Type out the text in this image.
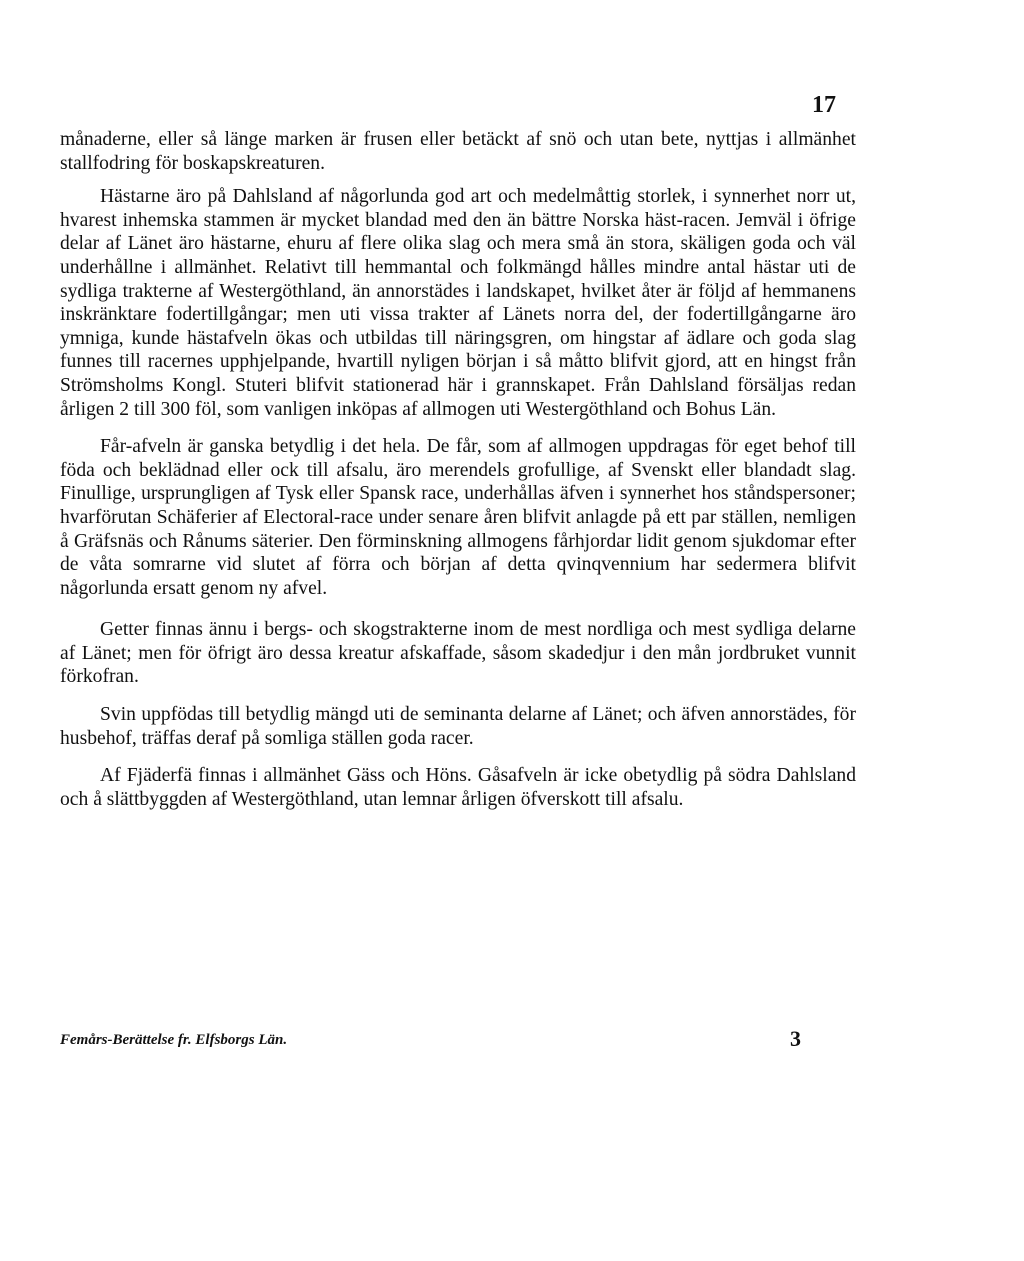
17

månaderne, eller så länge marken är frusen eller betäckt af snö och utan bete, nyttjas i allmänhet stallfodring för boskapskreaturen.

Hästarne äro på Dahlsland af någorlunda god art och medelmåttig storlek, i synnerhet norr ut, hvarest inhemska stammen är mycket blandad med den än bättre Norska häst-racen. Jemväl i öfrige delar af Länet äro hästarne, ehuru af flere olika slag och mera små än stora, skäligen goda och väl underhållne i allmänhet. Relativt till hemmantal och folkmängd hålles mindre antal hästar uti de sydliga trakterne af Westergöthland, än annorstädes i landskapet, hvilket åter är följd af hemmanens inskränktare fodertillgångar; men uti vissa trakter af Länets norra del, der fodertillgångarne äro ymniga, kunde hästafveln ökas och utbildas till näringsgren, om hingstar af ädlare och goda slag funnes till racernes upphjelpande, hvartill nyligen början i så måtto blifvit gjord, att en hingst från Strömsholms Kongl. Stuteri blifvit stationerad här i grannskapet. Från Dahlsland försäljas redan årligen 2 till 300 föl, som vanligen inköpas af allmogen uti Westergöthland och Bohus Län.

Får-afveln är ganska betydlig i det hela. De får, som af allmogen uppdragas för eget behof till föda och beklädnad eller ock till afsalu, äro merendels grofullige, af Svenskt eller blandadt slag. Finullige, ursprungligen af Tysk eller Spansk race, underhållas äfven i synnerhet hos ståndspersoner; hvarförutan Schäferier af Electoral-race under senare åren blifvit anlagde på ett par ställen, nemligen å Gräfsnäs och Rånums säterier. Den förminskning allmogens fårhjordar lidit genom sjukdomar efter de våta somrarne vid slutet af förra och början af detta qvinqvennium har sedermera blifvit någorlunda ersatt genom ny afvel.

Getter finnas ännu i bergs- och skogstrakterne inom de mest nordliga och mest sydliga delarne af Länet; men för öfrigt äro dessa kreatur afskaffade, såsom skadedjur i den mån jordbruket vunnit förkofran.

Svin uppfödas till betydlig mängd uti de seminanta delarne af Länet; och äfven annorstädes, för husbehof, träffas deraf på somliga ställen goda racer.

Af Fjäderfä finnas i allmänhet Gäss och Höns. Gåsafveln är icke obetydlig på södra Dahlsland och å slättbyggden af Westergöthland, utan lemnar årligen öfverskott till afsalu.

Femårs-Berättelse fr. Elfsborgs Län.	3
